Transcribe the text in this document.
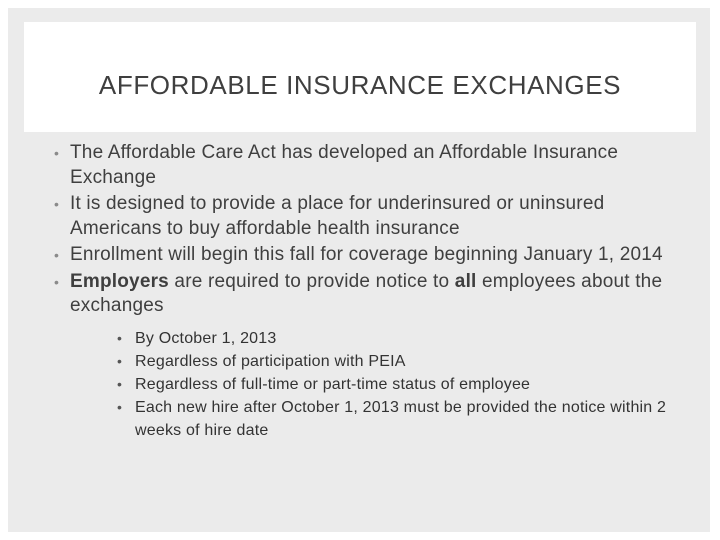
AFFORDABLE INSURANCE EXCHANGES
• The Affordable Care Act has developed an Affordable Insurance Exchange
• It is designed to provide a place for underinsured or uninsured Americans to buy affordable health insurance
• Enrollment will begin this fall for coverage beginning January 1, 2014
• Employers are required to provide notice to all employees about the exchanges
• By October 1, 2013
• Regardless of participation with PEIA
• Regardless of full-time or part-time status of employee
• Each new hire after October 1, 2013 must be provided the notice within 2 weeks of hire date
